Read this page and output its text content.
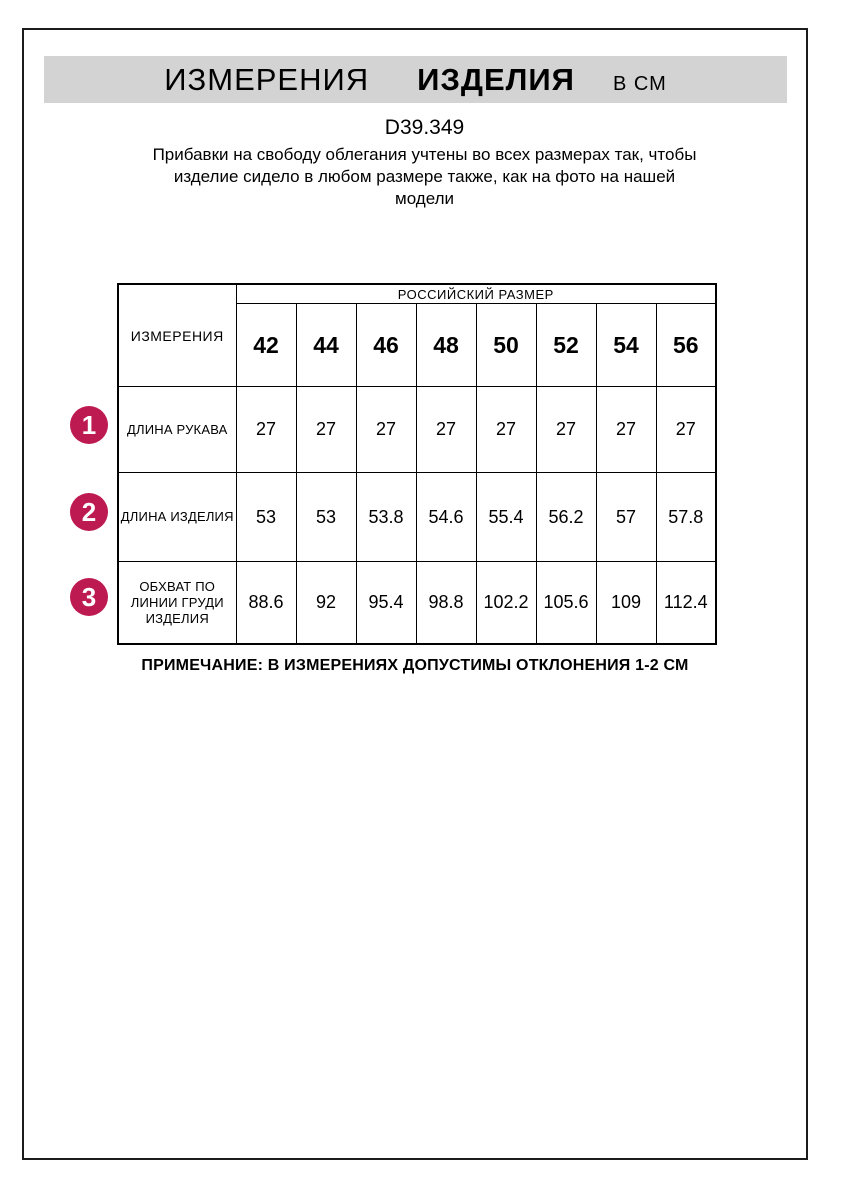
ИЗМЕРЕНИЯ ИЗДЕЛИЯ В СМ
D39.349
Прибавки на свободу облегания учтены во всех размерах так, чтобы
изделие сидело в любом размере также, как на фото на нашей
модели
ИЗМЕРЕНИЯ	РОССИЙСКИЙ РАЗМЕР							
	42	44	46	48	50	52	54	56
ДЛИНА РУКАВА	27	27	27	27	27	27	27	27
ДЛИНА ИЗДЕЛИЯ	53	53	53.8	54.6	55.4	56.2	57	57.8
ОБХВАТ ПО ЛИНИИ ГРУДИ ИЗДЕЛИЯ	88.6	92	95.4	98.8	102.2	105.6	109	112.4
1
2
3
ПРИМЕЧАНИЕ: В ИЗМЕРЕНИЯХ ДОПУСТИМЫ ОТКЛОНЕНИЯ 1-2 СМ
